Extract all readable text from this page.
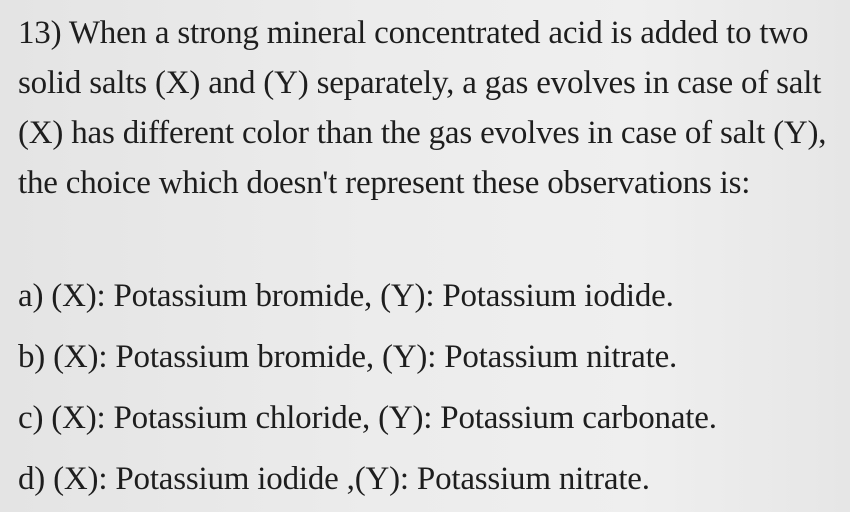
13) When a strong mineral concentrated acid is added to two solid salts (X) and (Y) separately, a gas evolves in case of salt (X) has different color than the gas evolves in case of salt (Y), the choice which doesn't represent these observations is:

a) (X): Potassium bromide, (Y): Potassium iodide.
b) (X): Potassium bromide, (Y): Potassium nitrate.
c) (X): Potassium chloride, (Y): Potassium carbonate.
d) (X): Potassium iodide ,(Y): Potassium nitrate.
